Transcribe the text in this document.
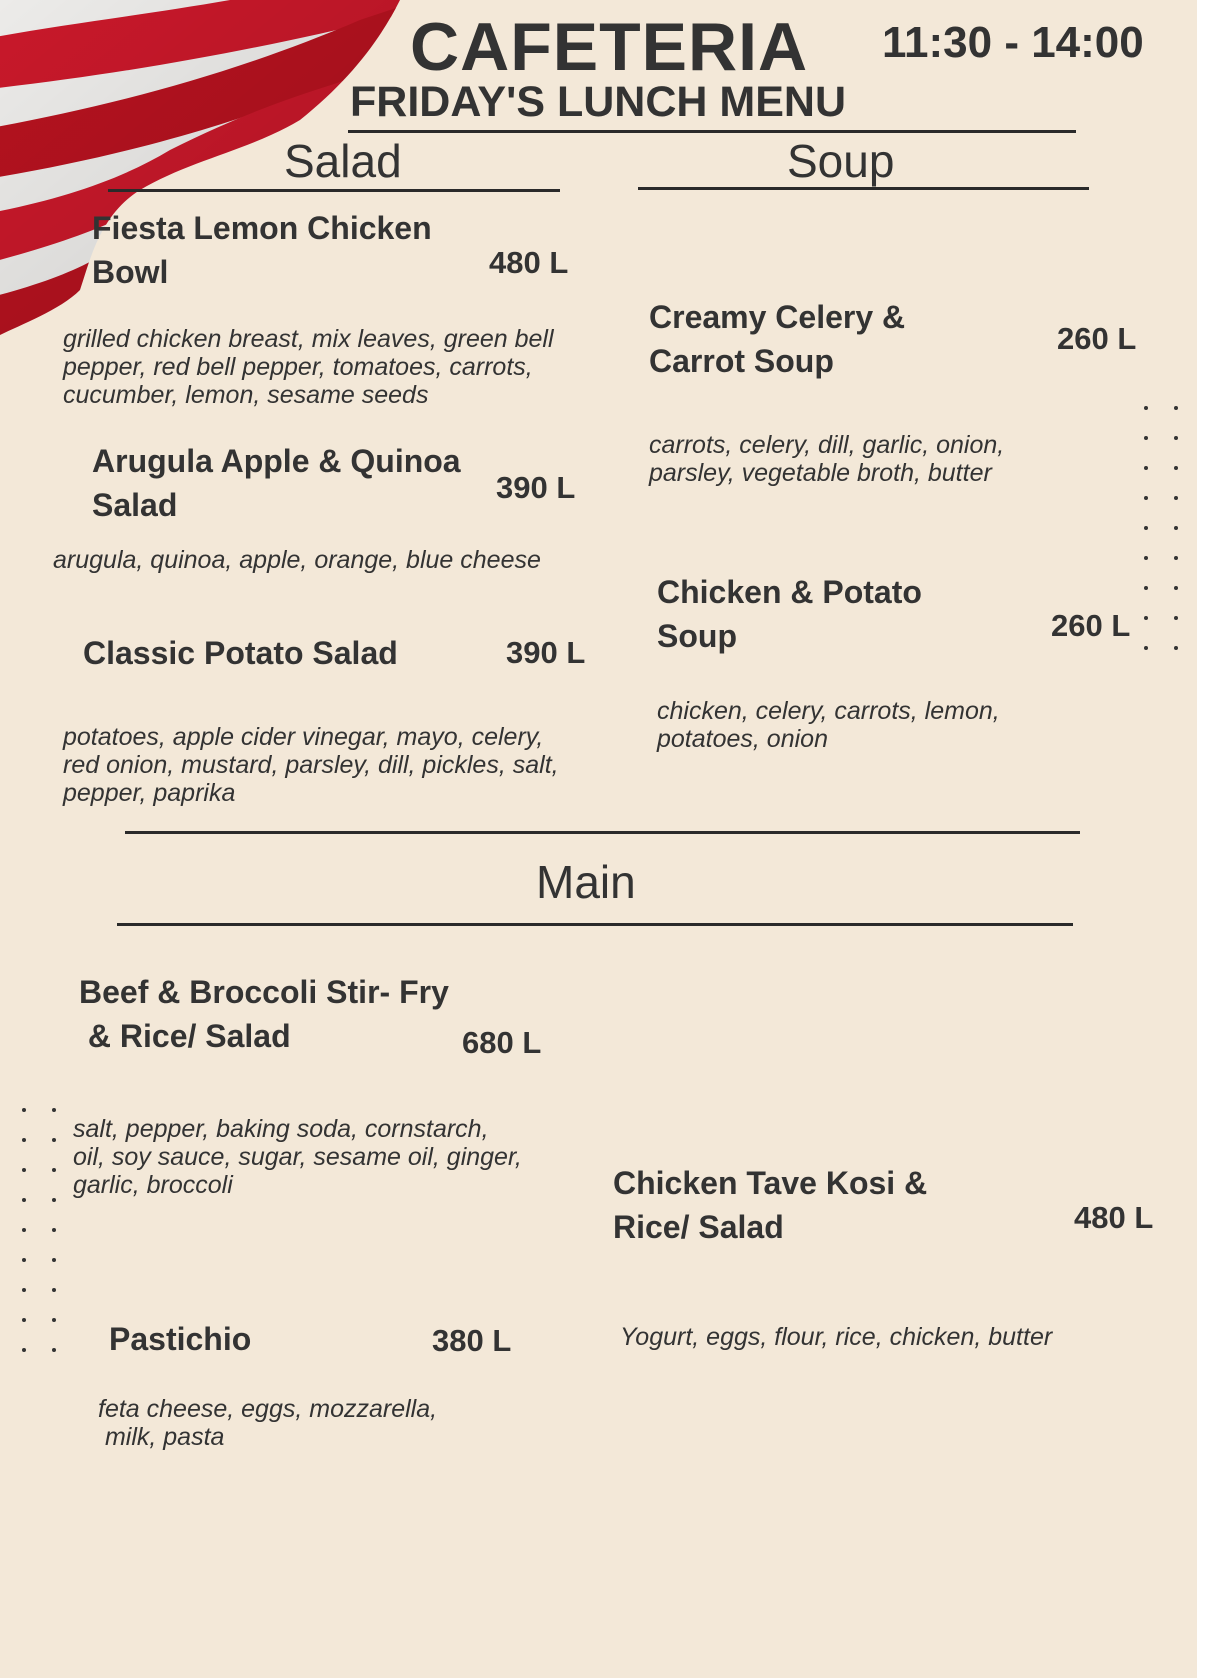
CAFETERIA 11:30 - 14:00
FRIDAY'S LUNCH MENU
Salad
Fiesta Lemon Chicken
Bowl	480 L
grilled chicken breast, mix leaves, green bell
pepper, red bell pepper, tomatoes, carrots,
cucumber, lemon, sesame seeds
Arugula Apple & Quinoa
Salad	390 L
arugula, quinoa, apple, orange, blue cheese
Classic Potato Salad	390 L
potatoes, apple cider vinegar, mayo, celery,
red onion, mustard, parsley, dill, pickles, salt,
pepper, paprika
Soup
Creamy Celery &
Carrot Soup
260 L
carrots, celery, dill, garlic, onion,
parsley, vegetable broth, butter
Chicken & Potato
Soup	260 L
chicken, celery, carrots, lemon,
potatoes, onion
Main
Beef & Broccoli Stir- Fry
& Rice/ Salad	680 L
salt, pepper, baking soda, cornstarch,
oil, soy sauce, sugar, sesame oil, ginger,
garlic, broccoli	Chicken Tave Kosi &
Rice/ Salad	480 L
Yogurt, eggs, flour, rice, chicken, butter
Pastichio	380 L
feta cheese, eggs, mozzarella,
milk, pasta
